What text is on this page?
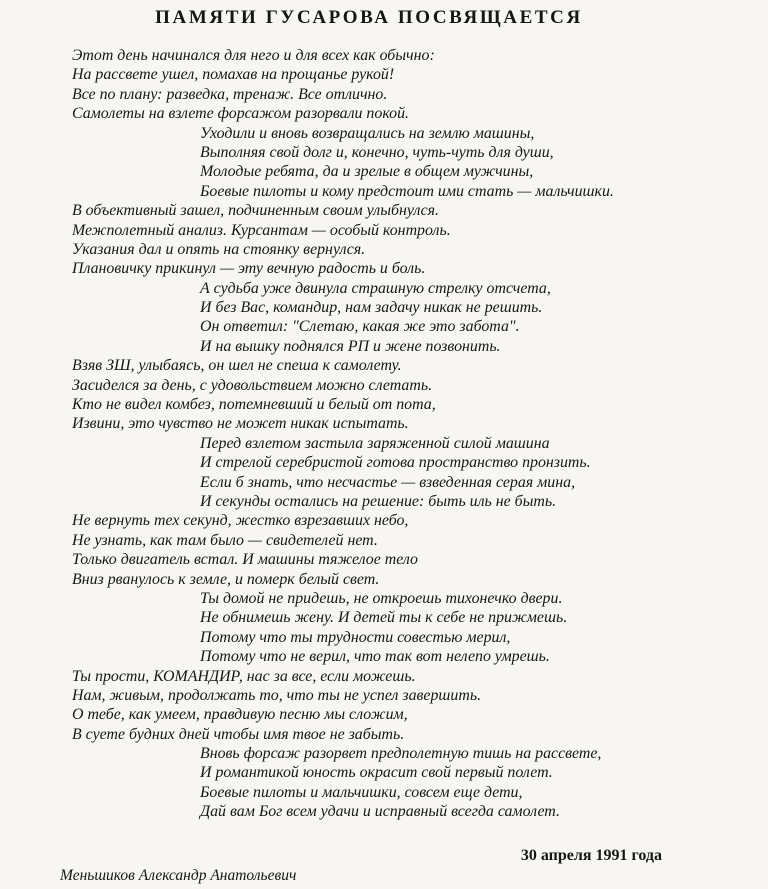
ПАМЯТИ ГУСАРОВА ПОСВЯЩАЕТСЯ
Этот день начинался для него и для всех как обычно:
На рассвете ушел, помахав на прощанье рукой!
Все по плану: разведка, тренаж. Все отлично.
Самолеты на взлете форсажом разорвали покой.
Уходили и вновь возвращались на землю машины,
Выполняя свой долг и, конечно, чуть-чуть для души,
Молодые ребята, да и зрелые в общем мужчины,
Боевые пилоты и кому предстоит ими стать — мальчишки.
В объективный зашел, подчиненным своим улыбнулся.
Межполетный анализ. Курсантам — особый контроль.
Указания дал и опять на стоянку вернулся.
Плановичку прикинул — эту вечную радость и боль.
А судьба уже двинула страшную стрелку отсчета,
И без Вас, командир, нам задачу никак не решить.
Он ответил: "Слетаю, какая же это забота".
И на вышку поднялся РП и жене позвонить.
Взяв ЗШ, улыбаясь, он шел не спеша к самолету.
Засиделся за день, с удовольствием можно слетать.
Кто не видел комбез, потемневший и белый от пота,
Извини, это чувство не может никак испытать.
Перед взлетом застыла заряженной силой машина
И стрелой серебристой готова пространство пронзить.
Если б знать, что несчастье — взведенная серая мина,
И секунды остались на решение: быть иль не быть.
Не вернуть тех секунд, жестко взрезавших небо,
Не узнать, как там было — свидетелей нет.
Только двигатель встал. И машины тяжелое тело
Вниз рванулось к земле, и померк белый свет.
Ты домой не придешь, не откроешь тихонечко двери.
Не обнимешь жену. И детей ты к себе не прижмешь.
Потому что ты трудности совестью мерил,
Потому что не верил, что так вот нелепо умрешь.
Ты прости, КОМАНДИР, нас за все, если можешь.
Нам, живым, продолжать то, что ты не успел завершить.
О тебе, как умеем, правдивую песню мы сложим,
В суете будних дней чтобы имя твое не забыть.
Вновь форсаж разорвет предполетную тишь на рассвете,
И романтикой юность окрасит свой первый полет.
Боевые пилоты и мальчишки, совсем еще дети,
Дай вам Бог всем удачи и исправный всегда самолет.
30 апреля 1991 года
Меньшиков Александр Анатольевич
